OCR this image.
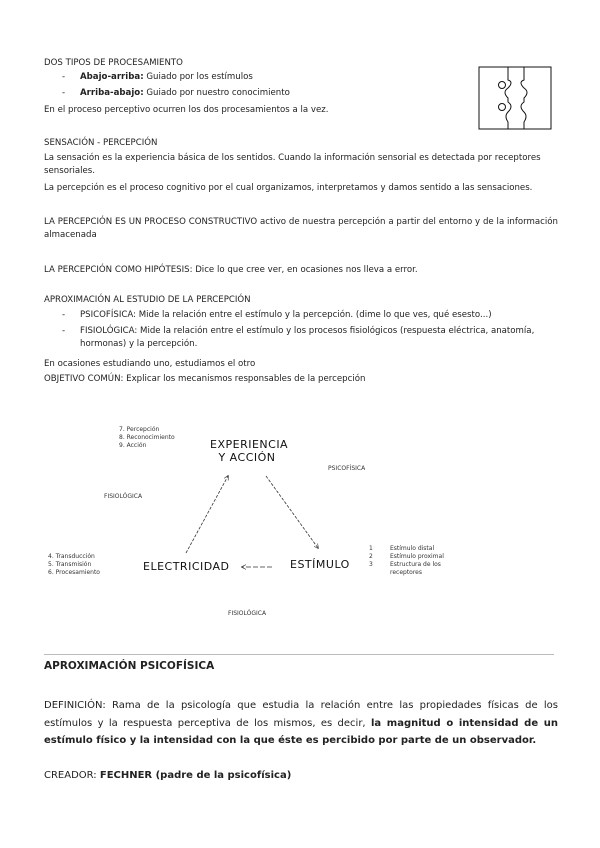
DOS TIPOS DE PROCESAMIENTO
- Abajo-arriba: Guiado por los estímulos
- Arriba-abajo: Guiado por nuestro conocimiento
En el proceso perceptivo ocurren los dos procesamientos a la vez.
SENSACIÓN - PERCEPCIÓN
La sensación es la experiencia básica de los sentidos. Cuando la información sensorial es detectada por receptores sensoriales.
La percepción es el proceso cognitivo por el cual organizamos, interpretamos y damos sentido a las sensaciones.
LA PERCEPCIÓN ES UN PROCESO CONSTRUCTIVO activo de nuestra percepción a partir del entorno y de la información almacenada
LA PERCEPCIÓN COMO HIPÓTESIS: Dice lo que cree ver, en ocasiones nos lleva a error.
APROXIMACIÓN AL ESTUDIO DE LA PERCEPCIÓN
- PSICOFÍSICA: Mide la relación entre el estímulo y la percepción. (dime lo que ves, qué esesto...)
- FISIOLÓGICA: Mide la relación entre el estímulo y los procesos fisiológicos (respuesta eléctrica, anatomía, hormonas) y la percepción.
En ocasiones estudiando uno, estudiamos el otro
OBJETIVO COMÚN: Explicar los mecanismos responsables de la percepción
7. Percepción
8. Reconocimiento
9. Acción	EXPERIENCIA
Y ACCIÓN
PSICOFÍSICA
FISIOLÓGICA
4. Transducción
5. Transmisión
6. Procesamiento	ELECTRICIDAD	ESTÍMULO
1
2
3
Estímulo distal
Estímulo proximal
Estructura de los receptores
FISIOLÓGICA
APROXIMACIÓN PSICOFÍSICA
DEFINICIÓN: Rama de la psicología que estudia la relación entre las propiedades físicas de los estímulos y la respuesta perceptiva de los mismos, es decir, la magnitud o intensidad de un estímulo físico y la intensidad con la que éste es percibido por parte de un observador.
CREADOR: FECHNER (padre de la psicofísica)
